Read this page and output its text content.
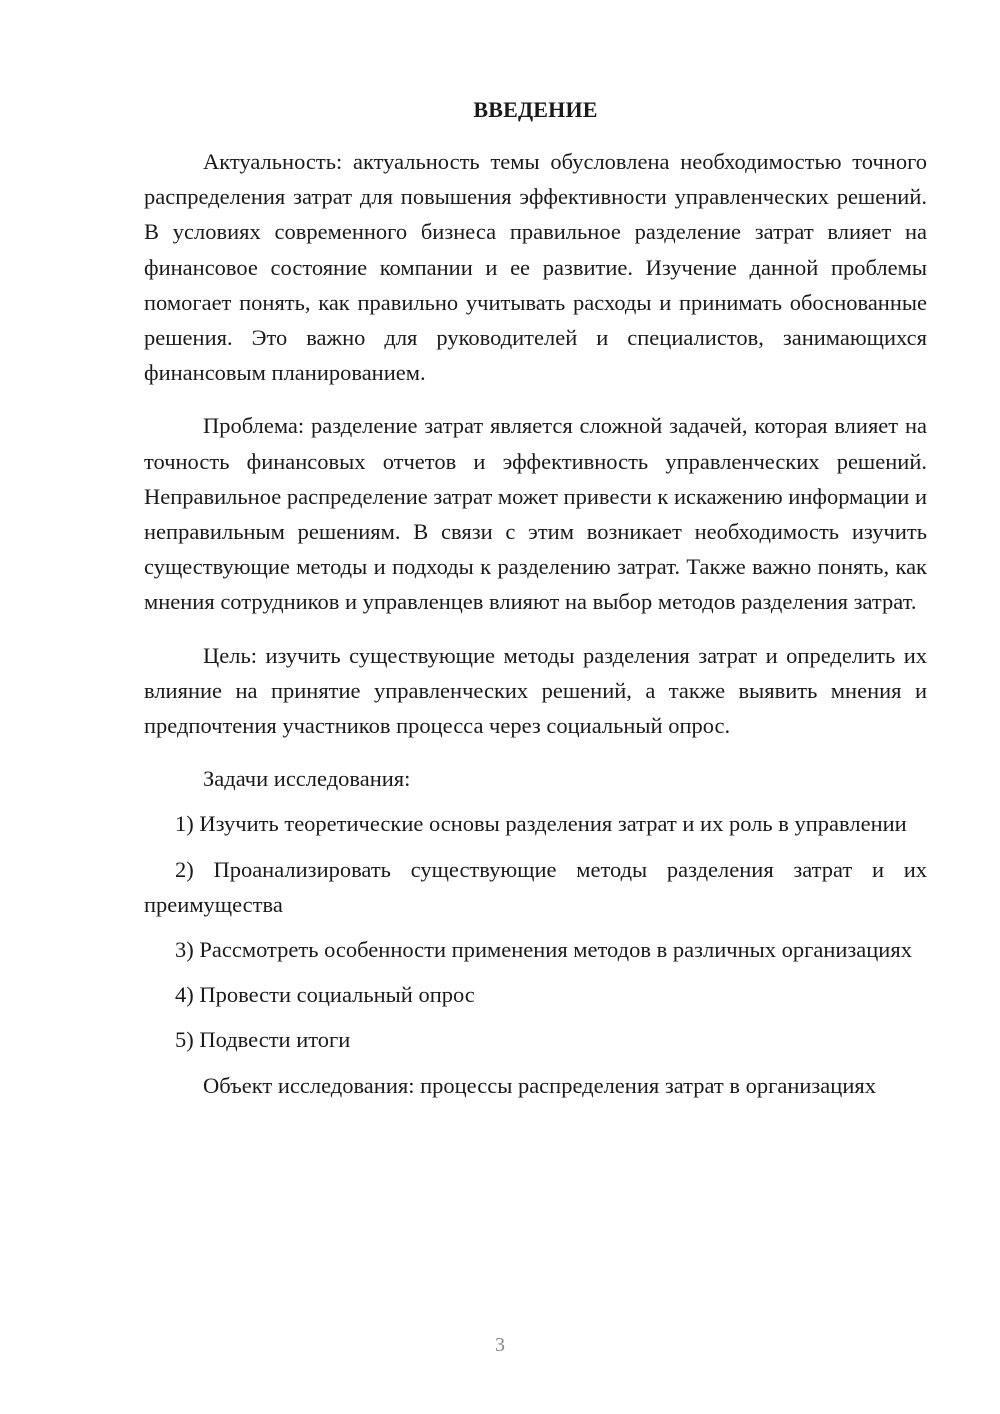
ВВЕДЕНИЕ

Актуальность: актуальность темы обусловлена необходимостью точного распределения затрат для повышения эффективности управленческих решений. В условиях современного бизнеса правильное разделение затрат влияет на финансовое состояние компании и ее развитие. Изучение данной проблемы помогает понять, как правильно учитывать расходы и принимать обоснованные решения. Это важно для руководителей и специалистов, занимающихся финансовым планированием.

Проблема: разделение затрат является сложной задачей, которая влияет на точность финансовых отчетов и эффективность управленческих решений. Неправильное распределение затрат может привести к искажению информации и неправильным решениям. В связи с этим возникает необходимость изучить существующие методы и подходы к разделению затрат. Также важно понять, как мнения сотрудников и управленцев влияют на выбор методов разделения затрат.

Цель: изучить существующие методы разделения затрат и определить их влияние на принятие управленческих решений, а также выявить мнения и предпочтения участников процесса через социальный опрос.

Задачи исследования:

1) Изучить теоретические основы разделения затрат и их роль в управлении

2) Проанализировать существующие методы разделения затрат и их преимущества

3) Рассмотреть особенности применения методов в различных организациях

4) Провести социальный опрос

5) Подвести итоги

Объект исследования: процессы распределения затрат в организациях

3
